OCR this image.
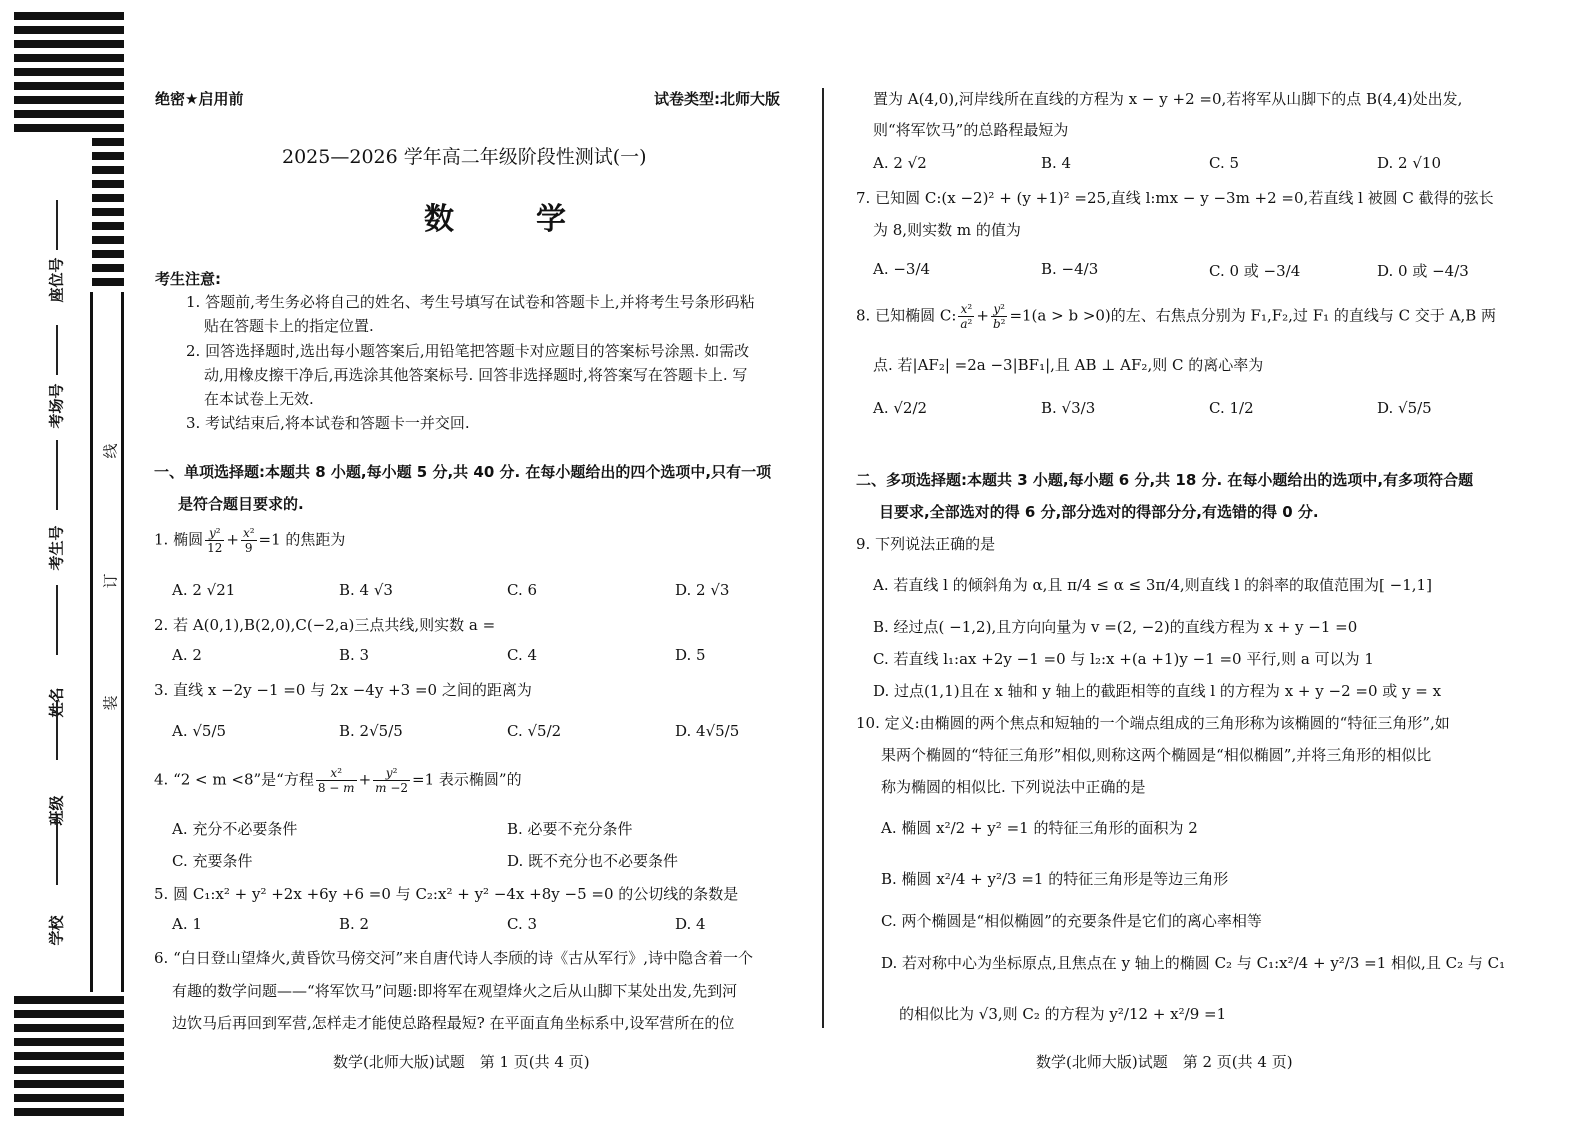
座位号
考场号
考生号
姓名
班级
学校
线
订
装
绝密★启用前	试卷类型:北师大版
2025—2026 学年高二年级阶段性测试(一)
数　学
考生注意:
1. 答题前,考生务必将自己的姓名、考生号填写在试卷和答题卡上,并将考生号条形码粘
贴在答题卡上的指定位置.
2. 回答选择题时,选出每小题答案后,用铅笔把答题卡对应题目的答案标号涂黑. 如需改
动,用橡皮擦干净后,再选涂其他答案标号. 回答非选择题时,将答案写在答题卡上. 写
在本试卷上无效.
3. 考试结束后,将本试卷和答题卡一并交回.
一、单项选择题:本题共 8 小题,每小题 5 分,共 40 分. 在每小题给出的四个选项中,只有一项
是符合题目要求的.
1. 椭圆 $\frac{\text{y²}}{12} + \frac{\text{x²}}{9} =1$ 的焦距为
A. 2 √21	B. 4 √3	C. 6	D. 2 √3
2. 若 A(0,1),B(2,0),C(−2,a)三点共线,则实数 a =
A. 2	B. 3	C. 4	D. 5
3. 直线 x −2y −1 =0 与 2x −4y +3 =0 之间的距离为
A. √5/5	B. 2√5/5	C. √5/2	D. 4√5/5
4. “2 < m <8”是“方程 $\frac{\text{x²}}{8 - m} + \frac{\text{y²}}{m -2} =1$ 表示椭圆”的
A. 充分不必要条件	B. 必要不充分条件
C. 充要条件	D. 既不充分也不必要条件
5. 圆 C₁:x² + y² +2x +6y +6 =0 与 C₂:x² + y² −4x +8y −5 =0 的公切线的条数是
A. 1	B. 2	C. 3	D. 4
6. “白日登山望烽火,黄昏饮马傍交河”来自唐代诗人李颀的诗《古从军行》,诗中隐含着一个
有趣的数学问题——“将军饮马”问题:即将军在观望烽火之后从山脚下某处出发,先到河
边饮马后再回到军营,怎样走才能使总路程最短? 在平面直角坐标系中,设军营所在的位
数学(北师大版)试题　第 1 页(共 4 页)
置为 A(4,0),河岸线所在直线的方程为 x − y +2 =0,若将军从山脚下的点 B(4,4)处出发,
则“将军饮马”的总路程最短为
A. 2 √2	B. 4	C. 5	D. 2 √10
7. 已知圆 C:(x −2)² + (y +1)² =25,直线 l:mx − y −3m +2 =0,若直线 l 被圆 C 截得的弦长
为 8,则实数 m 的值为
A. −3/4	B. −4/3	C. 0 或 −3/4	D. 0 或 −4/3
8. 已知椭圆 C: $\frac{\text{x²}}{\text{a²}} + \frac{\text{y²}}{\text{b²}} =1(a > b >0)$的左、右焦点分别为 F₁,F₂,过 F₁ 的直线与 C 交于 A,B 两
点. 若|AF₂| =2a −3|BF₁|,且 AB ⊥ AF₂,则 C 的离心率为
A. √2/2	B. √3/3	C. 1/2	D. √5/5
二、多项选择题:本题共 3 小题,每小题 6 分,共 18 分. 在每小题给出的选项中,有多项符合题
目要求,全部选对的得 6 分,部分选对的得部分分,有选错的得 0 分.
9. 下列说法正确的是
A. 若直线 l 的倾斜角为 α,且 π/4 ≤ α ≤ 3π/4,则直线 l 的斜率的取值范围为[ −1,1]
B. 经过点( −1,2),且方向向量为 v =(2, −2)的直线方程为 x + y −1 =0
C. 若直线 l₁:ax +2y −1 =0 与 l₂:x +(a +1)y −1 =0 平行,则 a 可以为 1
D. 过点(1,1)且在 x 轴和 y 轴上的截距相等的直线 l 的方程为 x + y −2 =0 或 y = x
10. 定义:由椭圆的两个焦点和短轴的一个端点组成的三角形称为该椭圆的“特征三角形”,如
果两个椭圆的“特征三角形”相似,则称这两个椭圆是“相似椭圆”,并将三角形的相似比
称为椭圆的相似比. 下列说法中正确的是
A. 椭圆 x²/2 + y² =1 的特征三角形的面积为 2
B. 椭圆 x²/4 + y²/3 =1 的特征三角形是等边三角形
C. 两个椭圆是“相似椭圆”的充要条件是它们的离心率相等
D. 若对称中心为坐标原点,且焦点在 y 轴上的椭圆 C₂ 与 C₁:x²/4 + y²/3 =1 相似,且 C₂ 与 C₁
的相似比为 √3,则 C₂ 的方程为 y²/12 + x²/9 =1
数学(北师大版)试题　第 2 页(共 4 页)
